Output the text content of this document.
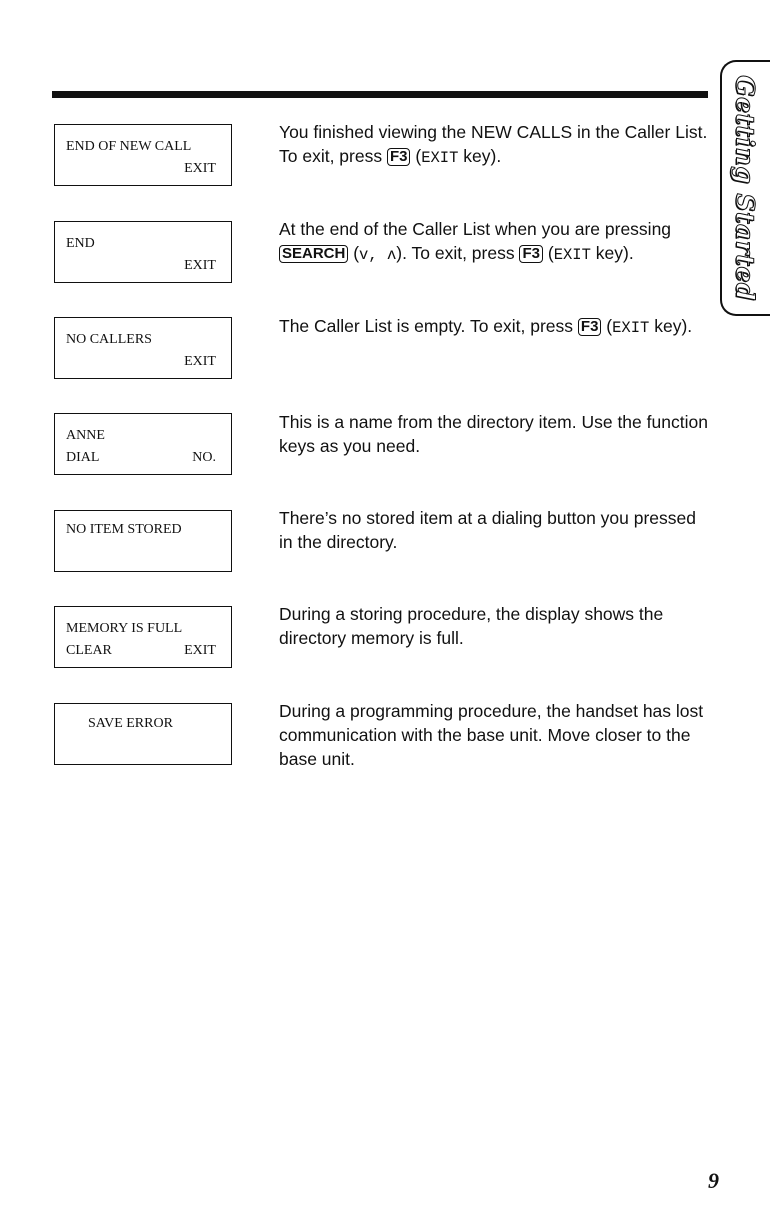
Getting Started
END OF NEW CALL
EXIT
You finished viewing the NEW CALLS in the Caller List. To exit, press F3 (EXIT key).
END
EXIT
At the end of the Caller List when you are pressing SEARCH (v, ʌ). To exit, press F3 (EXIT key).
NO CALLERS
EXIT
The Caller List is empty. To exit, press F3 (EXIT key).
ANNE
DIAL	NO.
This is a name from the directory item. Use the function keys as you need.
NO ITEM STORED
There’s no stored item at a dialing button you pressed in the directory.
MEMORY IS FULL
CLEAR	EXIT
During a storing procedure, the display shows the directory memory is full.
SAVE ERROR
During a programming procedure, the handset has lost communication with the base unit. Move closer to the base unit.
9
